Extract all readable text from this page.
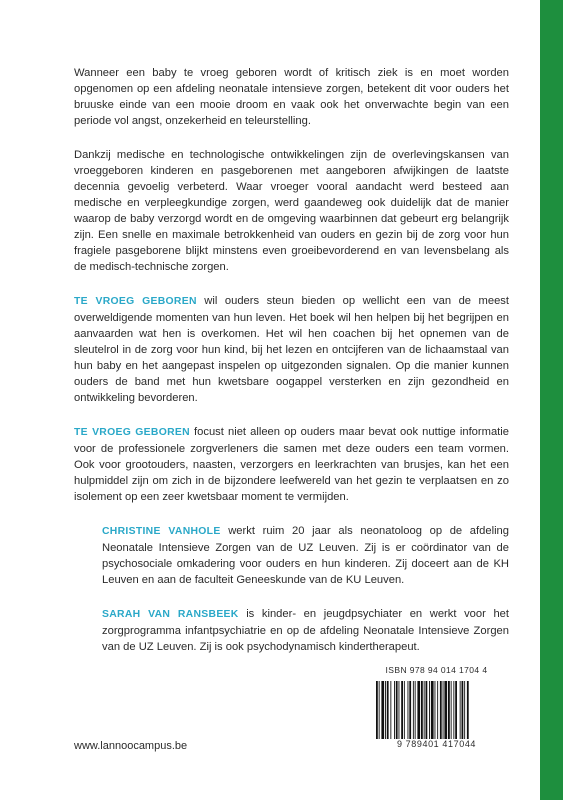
Wanneer een baby te vroeg geboren wordt of kritisch ziek is en moet worden opgenomen op een afdeling neonatale intensieve zorgen, betekent dit voor ouders het bruuske einde van een mooie droom en vaak ook het onverwachte begin van een periode vol angst, onzekerheid en teleurstelling.

Dankzij medische en technologische ontwikkelingen zijn de overlevingskansen van vroeggeboren kinderen en pasgeborenen met aangeboren afwijkingen de laatste decennia gevoelig verbeterd. Waar vroeger vooral aandacht werd besteed aan medische en verpleegkundige zorgen, werd gaandeweg ook duidelijk dat de manier waarop de baby verzorgd wordt en de omgeving waarbinnen dat gebeurt erg belangrijk zijn. Een snelle en maximale betrokkenheid van ouders en gezin bij de zorg voor hun fragiele pasgeborene blijkt minstens even groeibevorderend en van levensbelang als de medisch-technische zorgen.

TE VROEG GEBOREN wil ouders steun bieden op wellicht een van de meest overweldigende momenten van hun leven. Het boek wil hen helpen bij het begrijpen en aanvaarden wat hen is overkomen. Het wil hen coachen bij het opnemen van de sleutelrol in de zorg voor hun kind, bij het lezen en ontcijferen van de lichaamstaal van hun baby en het aangepast inspelen op uitgezonden signalen. Op die manier kunnen ouders de band met hun kwetsbare oogappel versterken en zijn gezondheid en ontwikkeling bevorderen.

TE VROEG GEBOREN focust niet alleen op ouders maar bevat ook nuttige informatie voor de professionele zorgverleners die samen met deze ouders een team vormen. Ook voor grootouders, naasten, verzorgers en leerkrachten van brusjes, kan het een hulpmiddel zijn om zich in de bijzondere leefwereld van het gezin te verplaatsen en zo isolement op een zeer kwetsbaar moment te vermijden.

CHRISTINE VANHOLE werkt ruim 20 jaar als neonatoloog op de afdeling Neonatale Intensieve Zorgen van de UZ Leuven. Zij is er coördinator van de psychosociale omkadering voor ouders en hun kinderen. Zij doceert aan de KH Leuven en aan de faculteit Geneeskunde van de KU Leuven.

SARAH VAN RANSBEEK is kinder- en jeugdpsychiater en werkt voor het zorgprogramma infantpsychiatrie en op de afdeling Neonatale Intensieve Zorgen van de UZ Leuven. Zij is ook psychodynamisch kindertherapeut.

ISBN 978 94 014 1704 4
9 789401 417044
www.lannoocampus.be
